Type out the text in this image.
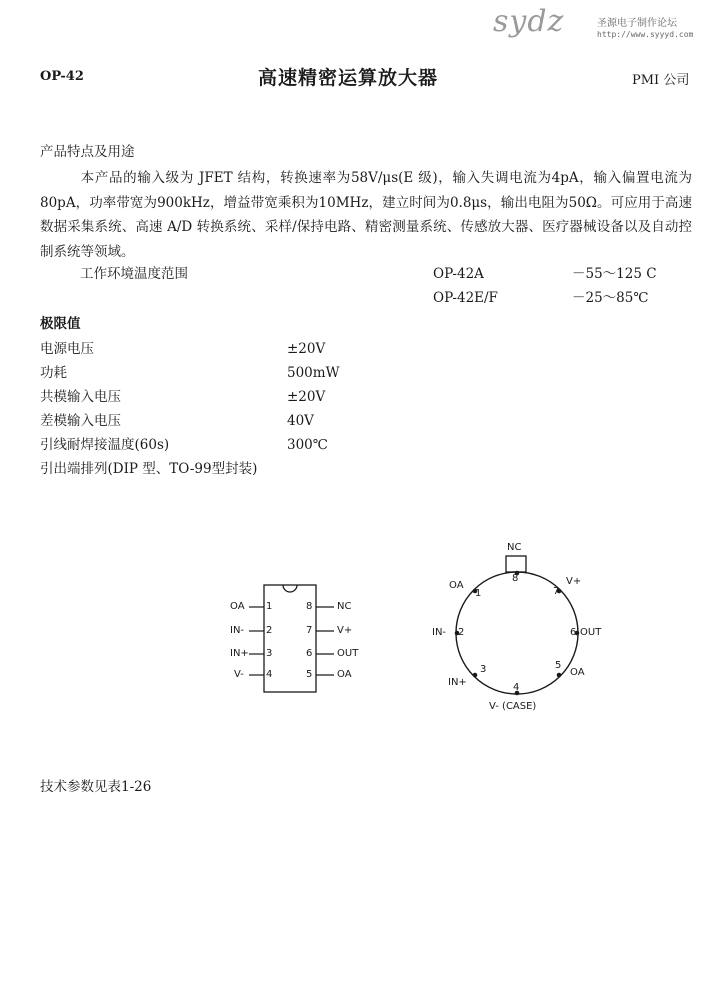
sydz	圣源电子制作论坛
http://www.syyyd.com
OP-42	高速精密运算放大器	PMI 公司
产品特点及用途
本产品的输入级为 JFET 结构，转换速率为58V/μs(E 级)，输入失调电流为4pA，输入偏置电流为80pA，功率带宽为900kHz，增益带宽乘积为10MHz，建立时间为0.8μs，输出电阻为50Ω。可应用于高速数据采集系统、高速 A/D 转换系统、采样/保持电路、精密测量系统、传感放大器、医疗器械设备以及自动控制系统等领域。
工作环境温度范围	OP-42A	－55～125 C
OP-42E/F	－25～85℃
极限值
电源电压	±20V
功耗	500mW
共模输入电压	±20V
差模输入电压	40V
引线耐焊接温度(60s)	300℃
引出端排列(DIP 型、TO-99型封装)
OA 1
IN- 2
IN+ 3
V- 4
8 NC
7 V+
6 OUT
5 OA
8
1	7
2	6
3	5
4
NC
OA	V+
IN-	OUT
IN+
OA
V- (CASE)
技术参数见表1-26
